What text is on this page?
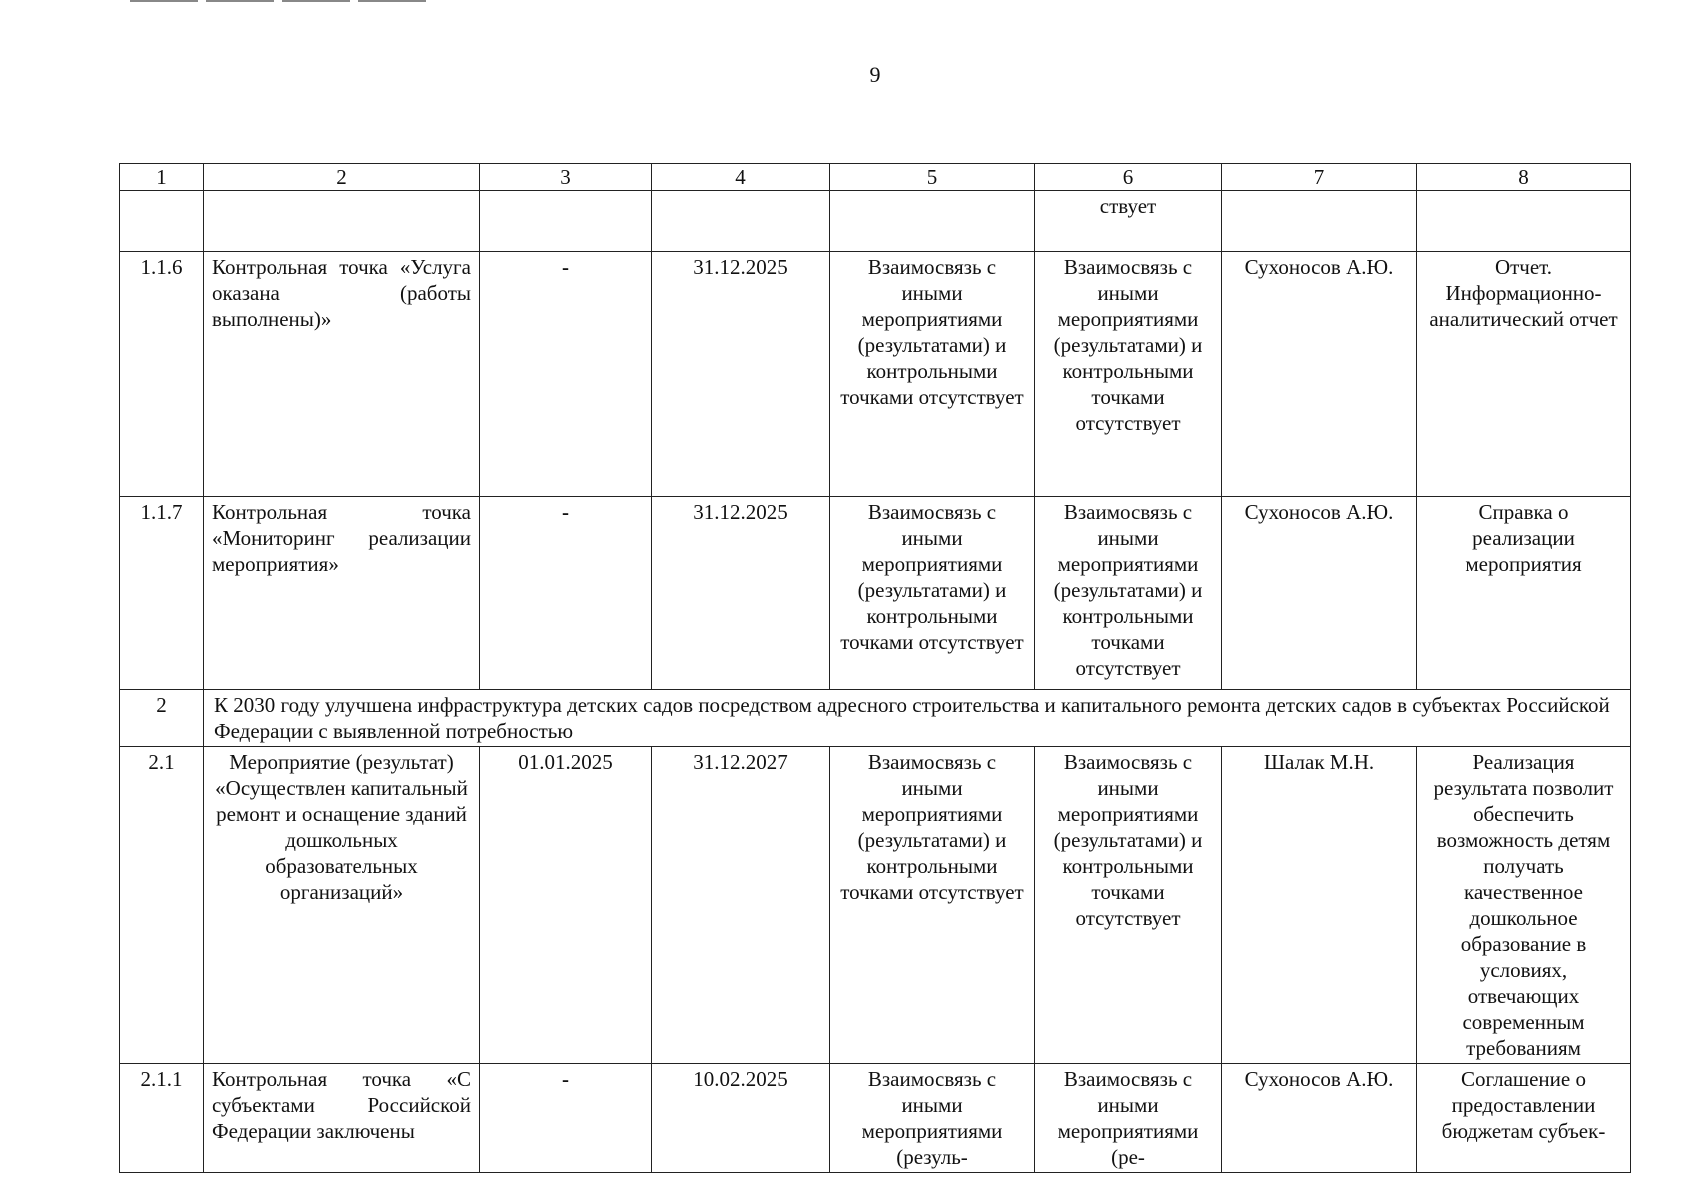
9
1	2	3	4	5	6	7	8
					ствует		
1.1.6	Контрольная точка «Услуга оказана (работы выполнены)»	-	31.12.2025	Взаимосвязь с иными мероприятиями (результатами) и контрольными точками отсутствует	Взаимосвязь с иными мероприятиями (результатами) и контрольными точками отсутствует	Сухоносов А.Ю.	Отчет. Информационно-аналитический отчет
1.1.7	Контрольная точка «Мониторинг реализации мероприятия»	-	31.12.2025	Взаимосвязь с иными мероприятиями (результатами) и контрольными точками отсутствует	Взаимосвязь с иными мероприятиями (результатами) и контрольными точками отсутствует	Сухоносов А.Ю.	Справка о реализации мероприятия
2	К 2030 году улучшена инфраструктура детских садов посредством адресного строительства и капитального ремонта детских садов в субъектах Российской Федерации с выявленной потребностью						
2.1	Мероприятие (результат) «Осуществлен капитальный ремонт и оснащение зданий дошкольных образовательных организаций»	01.01.2025	31.12.2027	Взаимосвязь с иными мероприятиями (результатами) и контрольными точками отсутствует	Взаимосвязь с иными мероприятиями (результатами) и контрольными точками отсутствует	Шалак М.Н.	Реализация результата позволит обеспечить возможность детям получать качественное дошкольное образование в условиях, отвечающих современным требованиям
2.1.1	Контрольная точка «С субъектами Российской Федерации заключены	-	10.02.2025	Взаимосвязь с иными мероприятиями (резуль-	Взаимосвязь с иными мероприятиями (ре-	Сухоносов А.Ю.	Соглашение о предоставлении бюджетам субъек-
